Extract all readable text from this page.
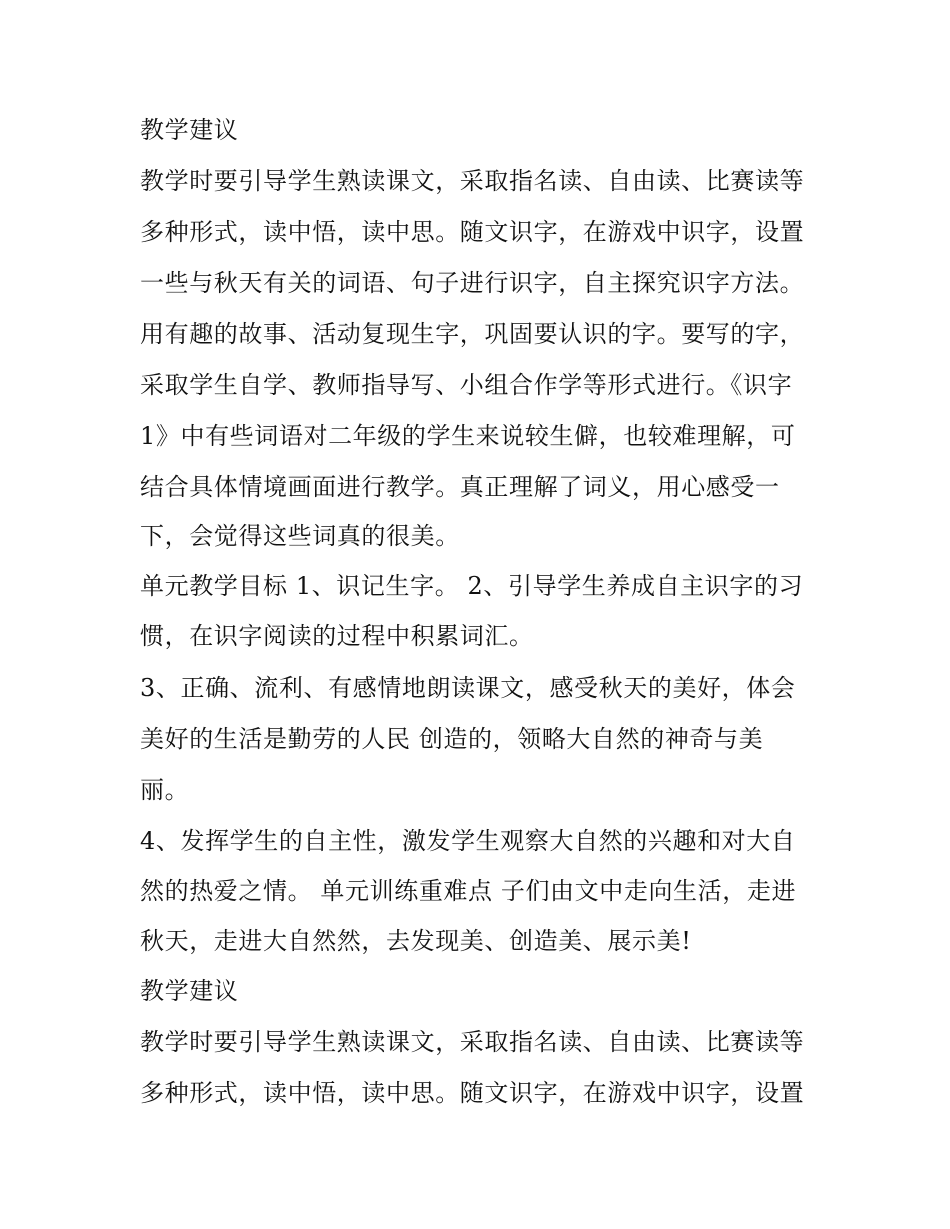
教学建议
教学时要引导学生熟读课文，采取指名读、自由读、比赛读等
多种形式，读中悟，读中思。随文识字，在游戏中识字，设置
一些与秋天有关的词语、句子进行识字，自主探究识字方法。
用有趣的故事、活动复现生字，巩固要认识的字。要写的字，
采取学生自学、教师指导写、小组合作学等形式进行。《识字
1》中有些词语对二年级的学生来说较生僻，也较难理解，可
结合具体情境画面进行教学。真正理解了词义，用心感受一
下，会觉得这些词真的很美。
单元教学目标 1、识记生字。 2、引导学生养成自主识字的习
惯，在识字阅读的过程中积累词汇。
3、正确、流利、有感情地朗读课文，感受秋天的美好，体会
美好的生活是勤劳的人民 创造的，领略大自然的神奇与美
丽。
4、发挥学生的自主性，激发学生观察大自然的兴趣和对大自
然的热爱之情。 单元训练重难点 子们由文中走向生活，走进
秋天，走进大自然然，去发现美、创造美、展示美!
教学建议
教学时要引导学生熟读课文，采取指名读、自由读、比赛读等
多种形式，读中悟，读中思。随文识字，在游戏中识字，设置
